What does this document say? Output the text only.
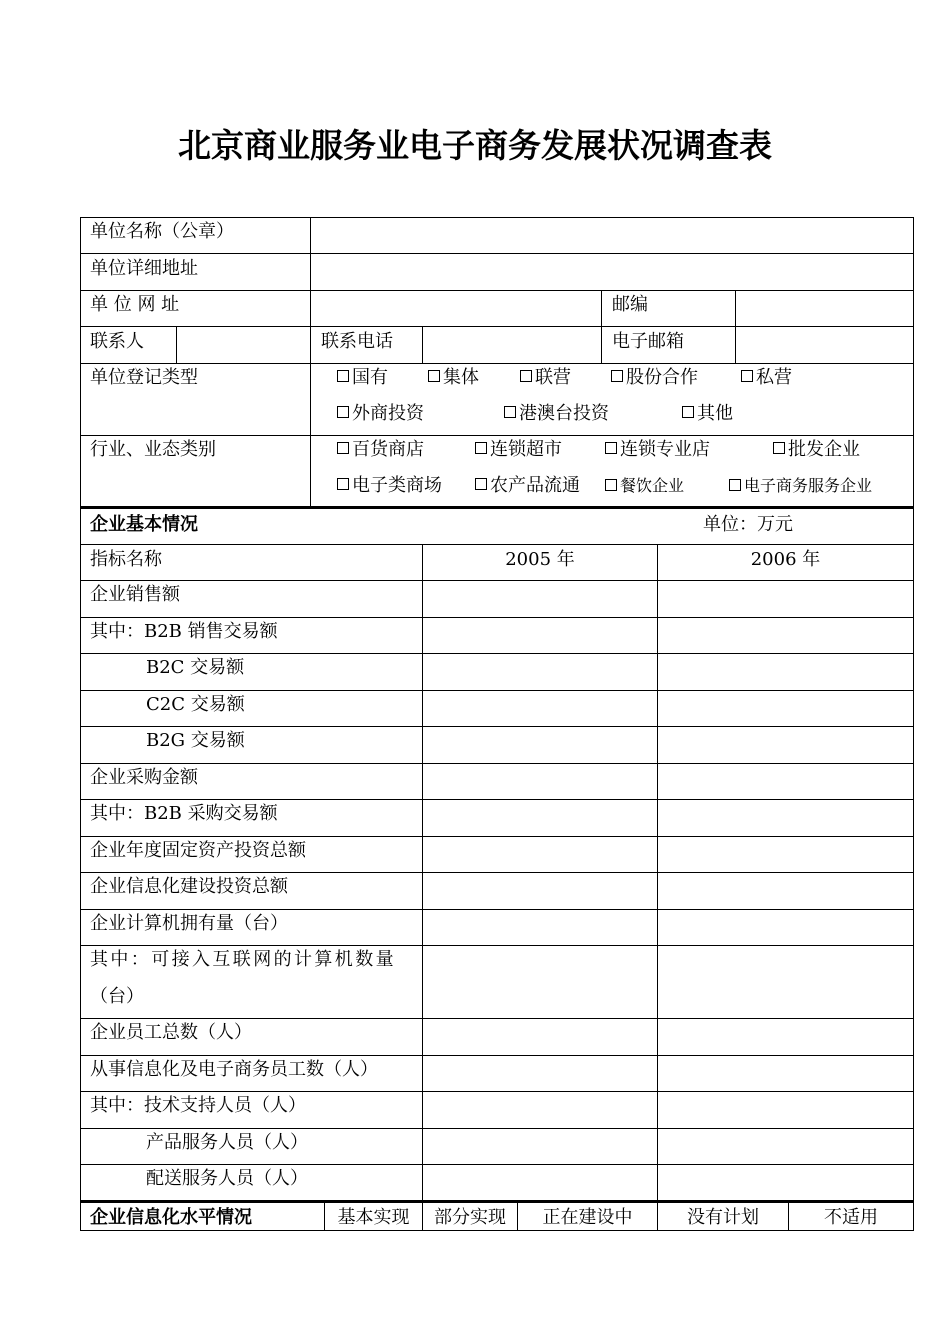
北京商业服务业电子商务发展状况调查表
单位名称（公章）
单位详细地址
单 位 网 址	邮编
联系人	联系电话	电子邮箱
单位登记类型	国有	集体	联营	股份合作	私营
外商投资	港澳台投资	其他
行业、业态类别	百货商店	连锁超市	连锁专业店	批发企业
电子类商场	农产品流通	餐饮企业	电子商务服务企业
企业基本情况	单位：万元
指标名称	2005 年	2006 年
企业销售额
其中：B2B 销售交易额
B2C 交易额
C2C 交易额
B2G 交易额
企业采购金额
其中：B2B 采购交易额
企业年度固定资产投资总额
企业信息化建设投资总额
企业计算机拥有量（台）
其中：可接入互联网的计算机数量
（台）
企业员工总数（人）
从事信息化及电子商务员工数（人）
其中：技术支持人员（人）
产品服务人员（人）
配送服务人员（人）
企业信息化水平情况	基本实现	部分实现	正在建设中	没有计划	不适用
